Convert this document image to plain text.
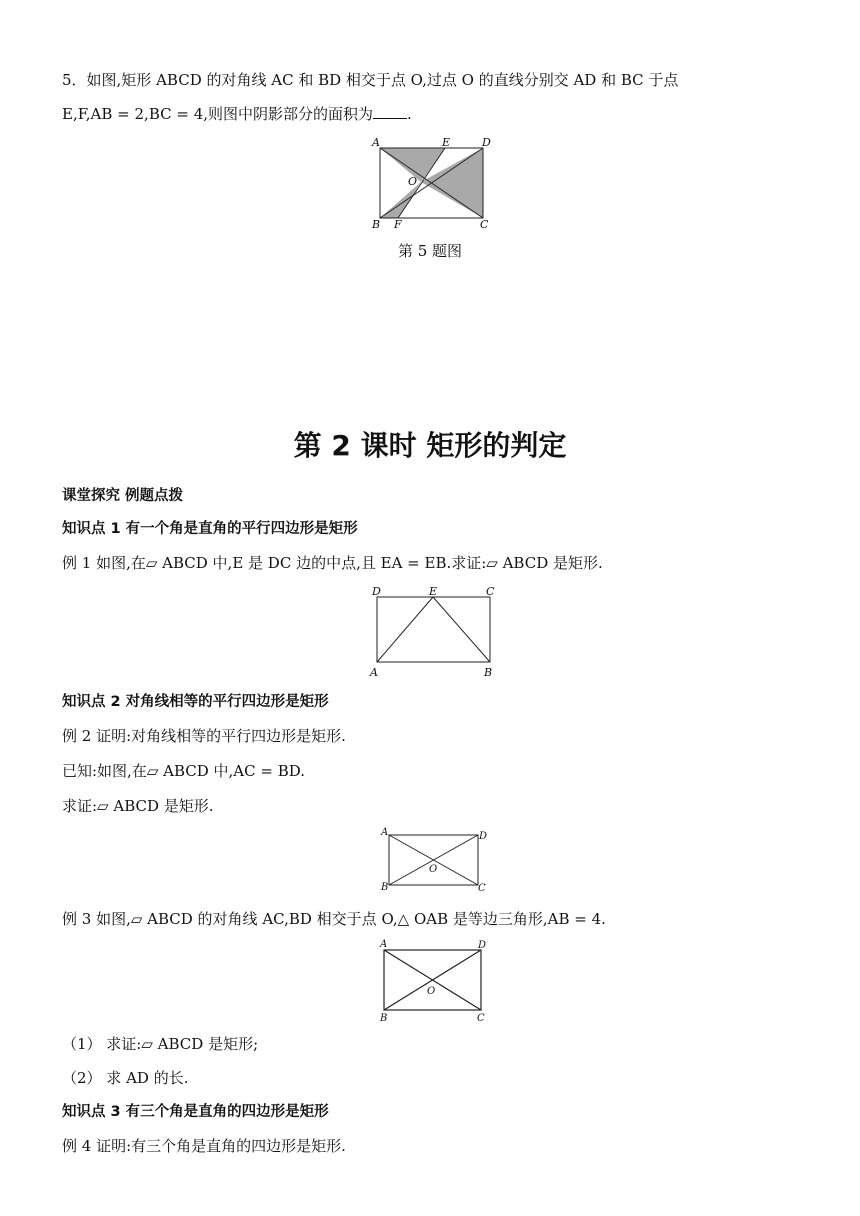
5．如图,矩形 ABCD 的对角线 AC 和 BD 相交于点 O,过点 O 的直线分别交 AD 和 BC 于点
E,F,AB = 2,BC = 4,则图中阴影部分的面积为 .
A	E	D
O
B F	C
第 5 题图
第 2 课时 矩形的判定
课堂探究 例题点拨
知识点 1 有一个角是直角的平行四边形是矩形
例 1 如图,在▱ ABCD 中,E 是 DC 边的中点,且 EA = EB.求证:▱ ABCD 是矩形.
D	E	C
A	B
知识点 2 对角线相等的平行四边形是矩形
例 2 证明:对角线相等的平行四边形是矩形.
已知:如图,在▱ ABCD 中,AC = BD.
求证:▱ ABCD 是矩形.
A	D
O
B	C
例 3 如图,▱ ABCD 的对角线 AC,BD 相交于点 O,△ OAB 是等边三角形,AB = 4.
A	D
O
B	C
（1） 求证:▱ ABCD 是矩形;
（2） 求 AD 的长.
知识点 3 有三个角是直角的四边形是矩形
例 4 证明:有三个角是直角的四边形是矩形.
